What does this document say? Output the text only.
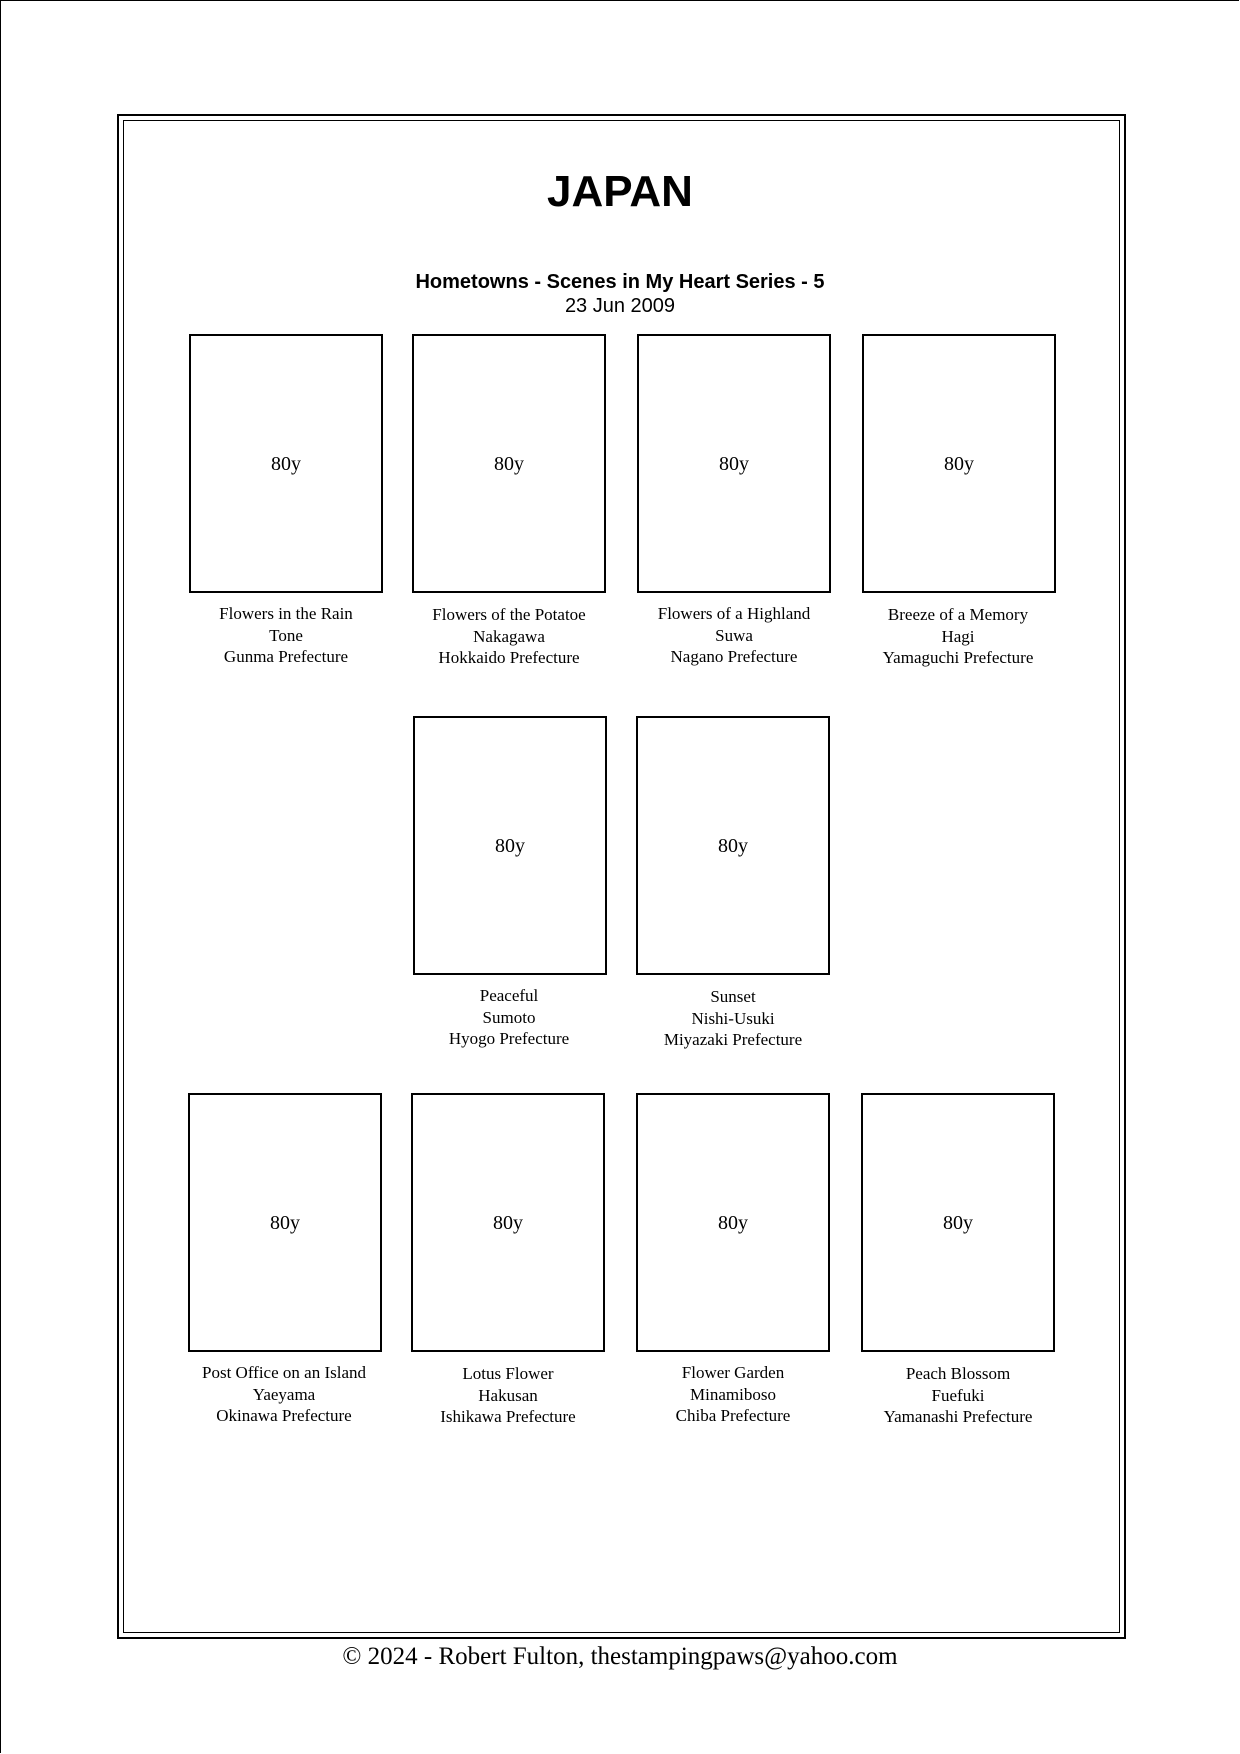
JAPAN
Hometowns - Scenes in My Heart Series - 5
23 Jun 2009
80y
Flowers in the Rain
Tone
Gunma Prefecture
80y
Flowers of the Potatoe
Nakagawa
Hokkaido Prefecture
80y
Flowers of a Highland
Suwa
Nagano Prefecture
80y
Breeze of a Memory
Hagi
Yamaguchi Prefecture
80y
Peaceful
Sumoto
Hyogo Prefecture
80y
Sunset
Nishi-Usuki
Miyazaki Prefecture
80y
Post Office on an Island
Yaeyama
Okinawa Prefecture
80y
Lotus Flower
Hakusan
Ishikawa Prefecture
80y
Flower Garden
Minamiboso
Chiba Prefecture
80y
Peach Blossom
Fuefuki
Yamanashi Prefecture
© 2024 - Robert Fulton, thestampingpaws@yahoo.com
